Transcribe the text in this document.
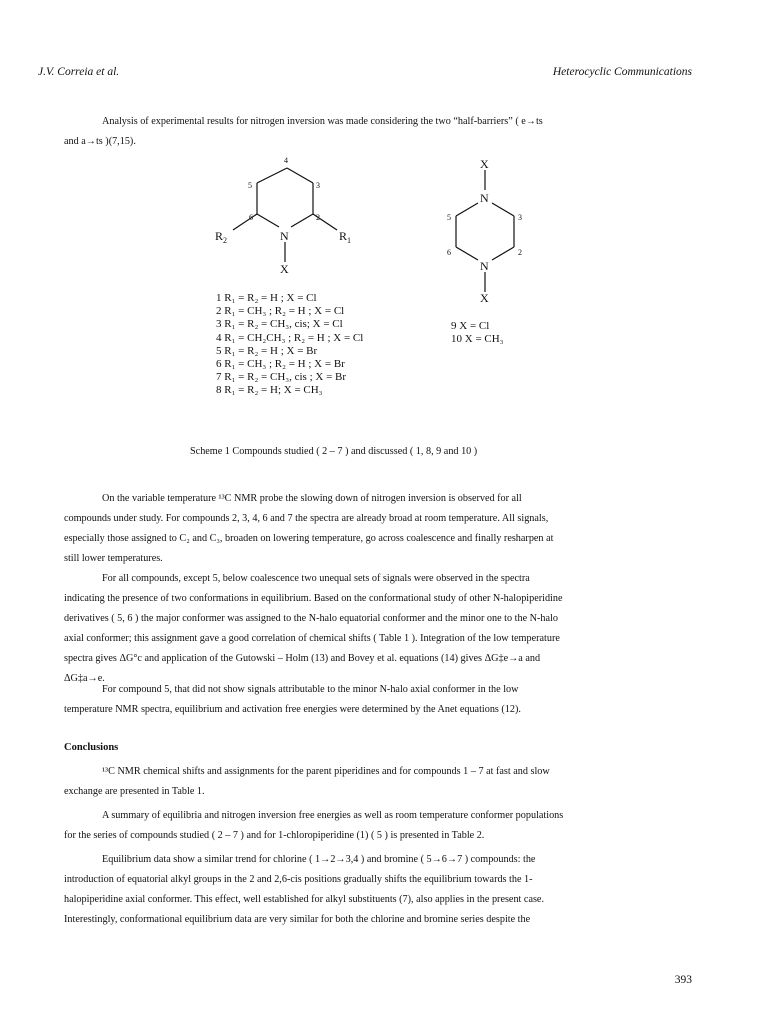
J.V. Correia et al.	Heterocyclic Communications
Analysis of experimental results for nitrogen inversion was made considering the two “half-barriers” ( e→ts
and a→ts )(7,15).
4
5	3
6	2
N
$R_2$	$R_1$
X
X
N
5	3
6	2
N
X
1 R₁ = R₂ = H ; X = Cl
2 R₁ = CH₃ ; R₂ = H ; X = Cl
3 R₁ = R₂ = CH₃, cis; X = Cl
4 R₁ = CH₂CH₃ ; R₂ = H ; X = Cl
5 R₁ = R₂ = H ; X = Br
6 R₁ = CH₃ ; R₂ = H ; X = Br
7 R₁ = R₂ = CH₃, cis ; X = Br
8 R₁ = R₂ = H; X = CH₃
9 X = Cl
10 X = CH₃
Scheme 1 Compounds studied ( 2 – 7 ) and discussed ( 1, 8, 9 and 10 )
On the variable temperature ¹³C NMR probe the slowing down of nitrogen inversion is observed for all
compounds under study. For compounds 2, 3, 4, 6 and 7 the spectra are already broad at room temperature. All signals,
especially those assigned to C₂ and C₃, broaden on lowering temperature, go across coalescence and finally resharpen at
still lower temperatures.
For all compounds, except 5, below coalescence two unequal sets of signals were observed in the spectra
indicating the presence of two conformations in equilibrium. Based on the conformational study of other N-halopiperidine
derivatives ( 5, 6 ) the major conformer was assigned to the N-halo equatorial conformer and the minor one to the N-halo
axial conformer; this assignment gave a good correlation of chemical shifts ( Table 1 ). Integration of the low temperature
spectra gives ΔG°c and application of the Gutowski – Holm (13) and Bovey et al. equations (14) gives ΔG‡e→a and
ΔG‡a→e.
For compound 5, that did not show signals attributable to the minor N-halo axial conformer in the low
temperature NMR spectra, equilibrium and activation free energies were determined by the Anet equations (12).
Conclusions
¹³C NMR chemical shifts and assignments for the parent piperidines and for compounds 1 – 7 at fast and slow
exchange are presented in Table 1.
A summary of equilibria and nitrogen inversion free energies as well as room temperature conformer populations
for the series of compounds studied ( 2 – 7 ) and for 1-chloropiperidine (1) ( 5 ) is presented in Table 2.
Equilibrium data show a similar trend for chlorine ( 1→2→3,4 ) and bromine ( 5→6→7 ) compounds: the
introduction of equatorial alkyl groups in the 2 and 2,6-cis positions gradually shifts the equilibrium towards the 1-
halopiperidine axial conformer. This effect, well established for alkyl substituents (7), also applies in the present case.
Interestingly, conformational equilibrium data are very similar for both the chlorine and bromine series despite the
393
